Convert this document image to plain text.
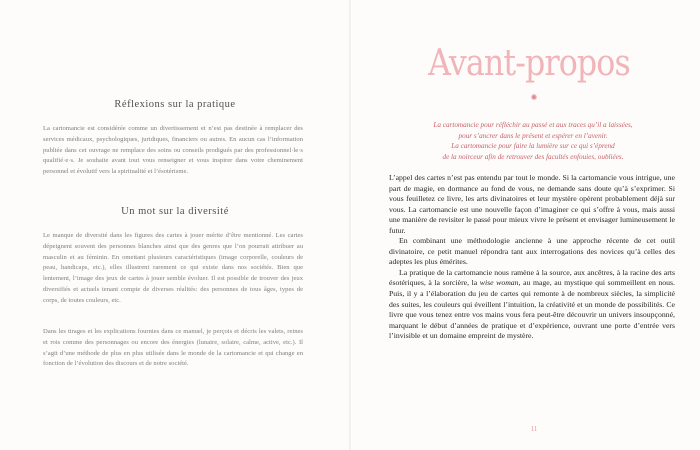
Réflexions sur la pratique

La cartomancie est considérée comme un divertissement et n’est pas destinée à remplacer des services médicaux, psychologiques, juridiques, financiers ou autres. En aucun cas l’information publiée dans cet ouvrage ne remplace des soins ou conseils prodigués par des professionnel·le·s qualifié·e·s. Je souhaite avant tout vous renseigner et vous inspirer dans votre cheminement personnel et évolutif vers la spiritualité et l’ésotérisme.

Un mot sur la diversité

Le manque de diversité dans les figures des cartes à jouer mérite d’être mentionné. Les cartes dépeignent souvent des personnes blanches ainsi que des genres que l’on pourrait attribuer au masculin et au féminin. En omettant plusieurs caractéristiques (image corporelle, couleurs de peau, handicaps, etc.), elles illustrent rarement ce qui existe dans nos sociétés. Bien que lentement, l’image des jeux de cartes à jouer semble évoluer. Il est possible de trouver des jeux diversifiés et actuels tenant compte de diverses réalités: des personnes de tous âges, types de corps, de toutes couleurs, etc.

Dans les tirages et les explications fournies dans ce manuel, je perçois et décris les valets, reines et rois comme des personnages ou encore des énergies (lunaire, solaire, calme, active, etc.). Il s’agit d’une méthode de plus en plus utilisée dans le monde de la cartomancie et qui change en fonction de l’évolution des discours et de notre société.

Avant-propos
✺
La cartomancie pour réfléchir au passé et aux traces qu’il a laissées,
pour s’ancrer dans le présent et espérer en l’avenir.
La cartomancie pour faire la lumière sur ce qui s’éprend
de la noirceur afin de retrouver des facultés enfouies, oubliées.

L’appel des cartes n’est pas entendu par tout le monde. Si la cartomancie vous intrigue, une part de magie, en dormance au fond de vous, ne demande sans doute qu’à s’exprimer. Si vous feuilletez ce livre, les arts divinatoires et leur mystère opèrent probablement déjà sur vous. La cartomancie est une nouvelle façon d’imaginer ce qui s’offre à vous, mais aussi une manière de revisiter le passé pour mieux vivre le présent et envisager lumineusement le futur.

En combinant une méthodologie ancienne à une approche récente de cet outil divinatoire, ce petit manuel répondra tant aux interrogations des novices qu’à celles des adeptes les plus émérites.

La pratique de la cartomancie nous ramène à la source, aux ancêtres, à la racine des arts ésotériques, à la sorcière, la wise woman, au mage, au mystique qui sommeillent en nous. Puis, il y a l’élaboration du jeu de cartes qui remonte à de nombreux siècles, la simplicité des suites, les couleurs qui éveillent l’intuition, la créativité et un monde de possibilités. Ce livre que vous tenez entre vos mains vous fera peut-être découvrir un univers insoupçonné, marquant le début d’années de pratique et d’expérience, ouvrant une porte d’entrée vers l’invisible et un domaine empreint de mystère.

11
